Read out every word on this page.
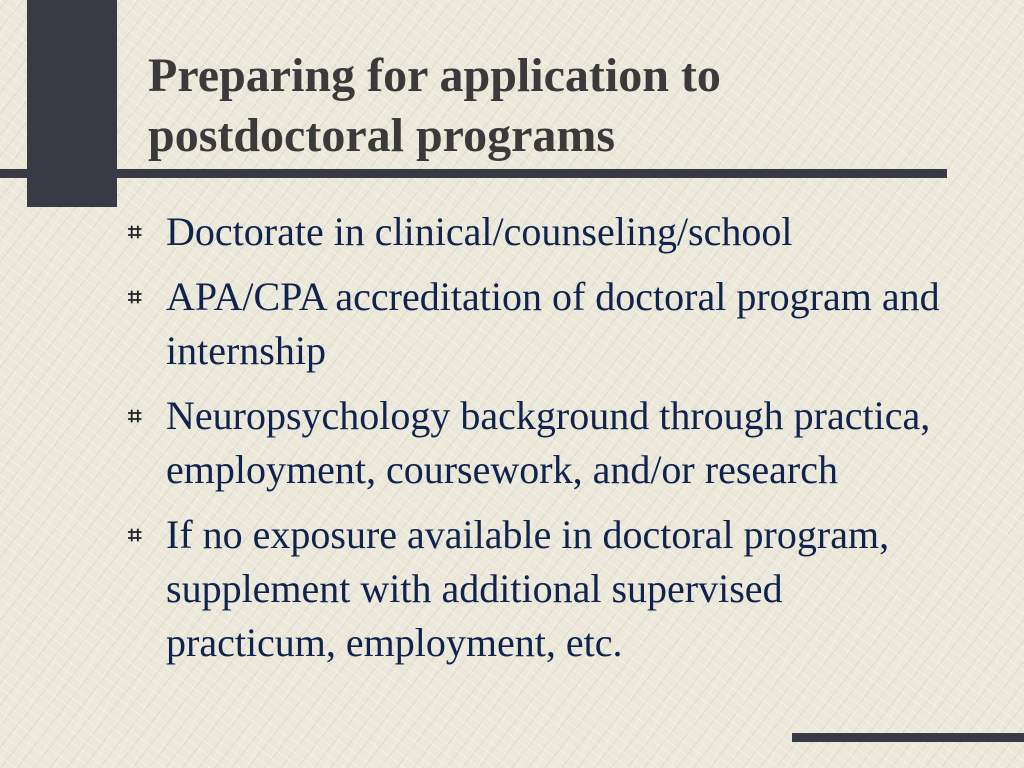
Preparing for application to
postdoctoral programs
⌗ Doctorate in clinical/counseling/school
⌗ APA/CPA accreditation of doctoral program and internship
⌗ Neuropsychology background through practica, employment, coursework, and/or research
⌗ If no exposure available in doctoral program, supplement with additional supervised practicum, employment, etc.
